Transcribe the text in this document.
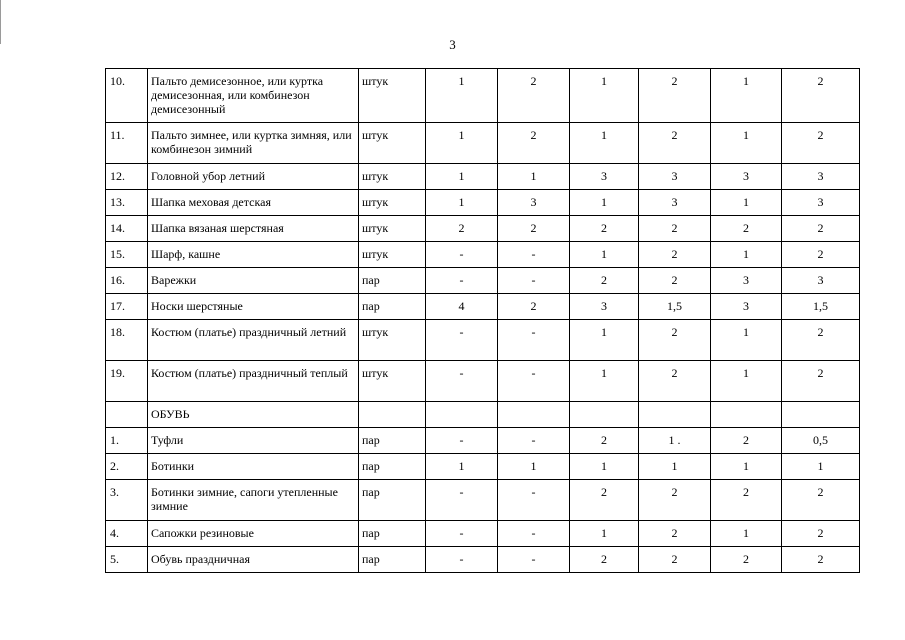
3
10.	Пальто демисезонное, или куртка демисезонная, или комбинезон демисезонный	штук	1	2	1	2	1	2
11.	Пальто зимнее, или куртка зимняя, или комбинезон зимний	штук	1	2	1	2	1	2
12.	Головной убор летний	штук	1	1	3	3	3	3
13.	Шапка меховая детская	штук	1	3	1	3	1	3
14.	Шапка вязаная шерстяная	штук	2	2	2	2	2	2
15.	Шарф, кашне	штук	-	-	1	2	1	2
16.	Варежки	пар	-	-	2	2	3	3
17.	Носки шерстяные	пар	4	2	3	1,5	3	1,5
18.	Костюм (платье) праздничный летний	штук	-	-	1	2	1	2
19.	Костюм (платье) праздничный теплый	штук	-	-	1	2	1	2
	ОБУВЬ							
1.	Туфли	пар	-	-	2	1 .	2	0,5
2.	Ботинки	пар	1	1	1	1	1	1
3.	Ботинки зимние, сапоги утепленные зимние	пар	-	-	2	2	2	2
4.	Сапожки резиновые	пар	-	-	1	2	1	2
5.	Обувь праздничная	пар	-	-	2	2	2	2
